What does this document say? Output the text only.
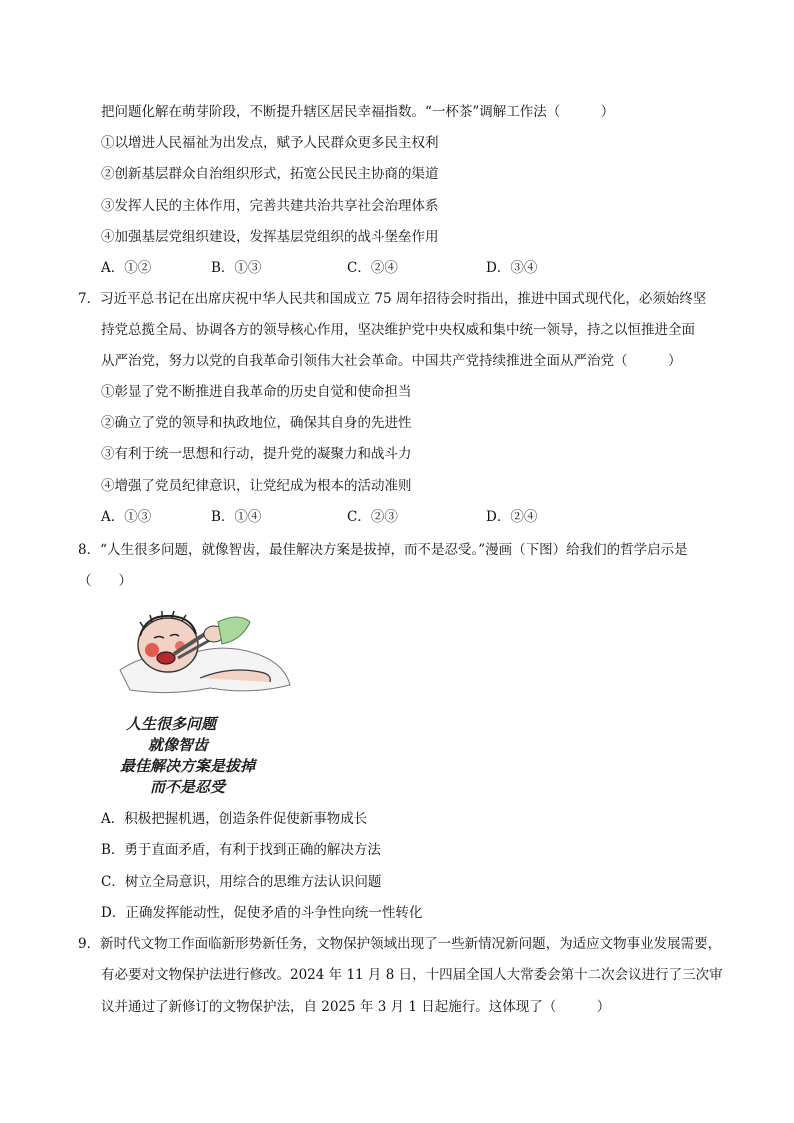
把问题化解在萌芽阶段，不断提升辖区居民幸福指数。“一杯茶”调解工作法（　　　）
①以增进人民福祉为出发点，赋予人民群众更多民主权利
②创新基层群众自治组织形式，拓宽公民民主协商的渠道
③发挥人民的主体作用，完善共建共治共享社会治理体系
④加强基层党组织建设，发挥基层党组织的战斗堡垒作用
A．①②	B．①③	C．②④	D．③④
7．习近平总书记在出席庆祝中华人民共和国成立 75 周年招待会时指出，推进中国式现代化，必须始终坚
持党总揽全局、协调各方的领导核心作用，坚决维护党中央权威和集中统一领导，持之以恒推进全面
从严治党，努力以党的自我革命引领伟大社会革命。中国共产党持续推进全面从严治党（　　　）
①彰显了党不断推进自我革命的历史自觉和使命担当
②确立了党的领导和执政地位，确保其自身的先进性
③有利于统一思想和行动，提升党的凝聚力和战斗力
④增强了党员纪律意识，让党纪成为根本的活动准则
A．①③	B．①④	C．②③	D．②④
8．“人生很多问题，就像智齿，最佳解决方案是拔掉，而不是忍受。”漫画（下图）给我们的哲学启示是
（　　）
人生很多问题
就像智齿
最佳解决方案是拔掉
而不是忍受
A．积极把握机遇，创造条件促使新事物成长
B．勇于直面矛盾，有利于找到正确的解决方法
C．树立全局意识，用综合的思维方法认识问题
D．正确发挥能动性，促使矛盾的斗争性向统一性转化
9．新时代文物工作面临新形势新任务，文物保护领域出现了一些新情况新问题，为适应文物事业发展需要，
有必要对文物保护法进行修改。2024 年 11 月 8 日，十四届全国人大常委会第十二次会议进行了三次审
议并通过了新修订的文物保护法，自 2025 年 3 月 1 日起施行。这体现了（　　　）
